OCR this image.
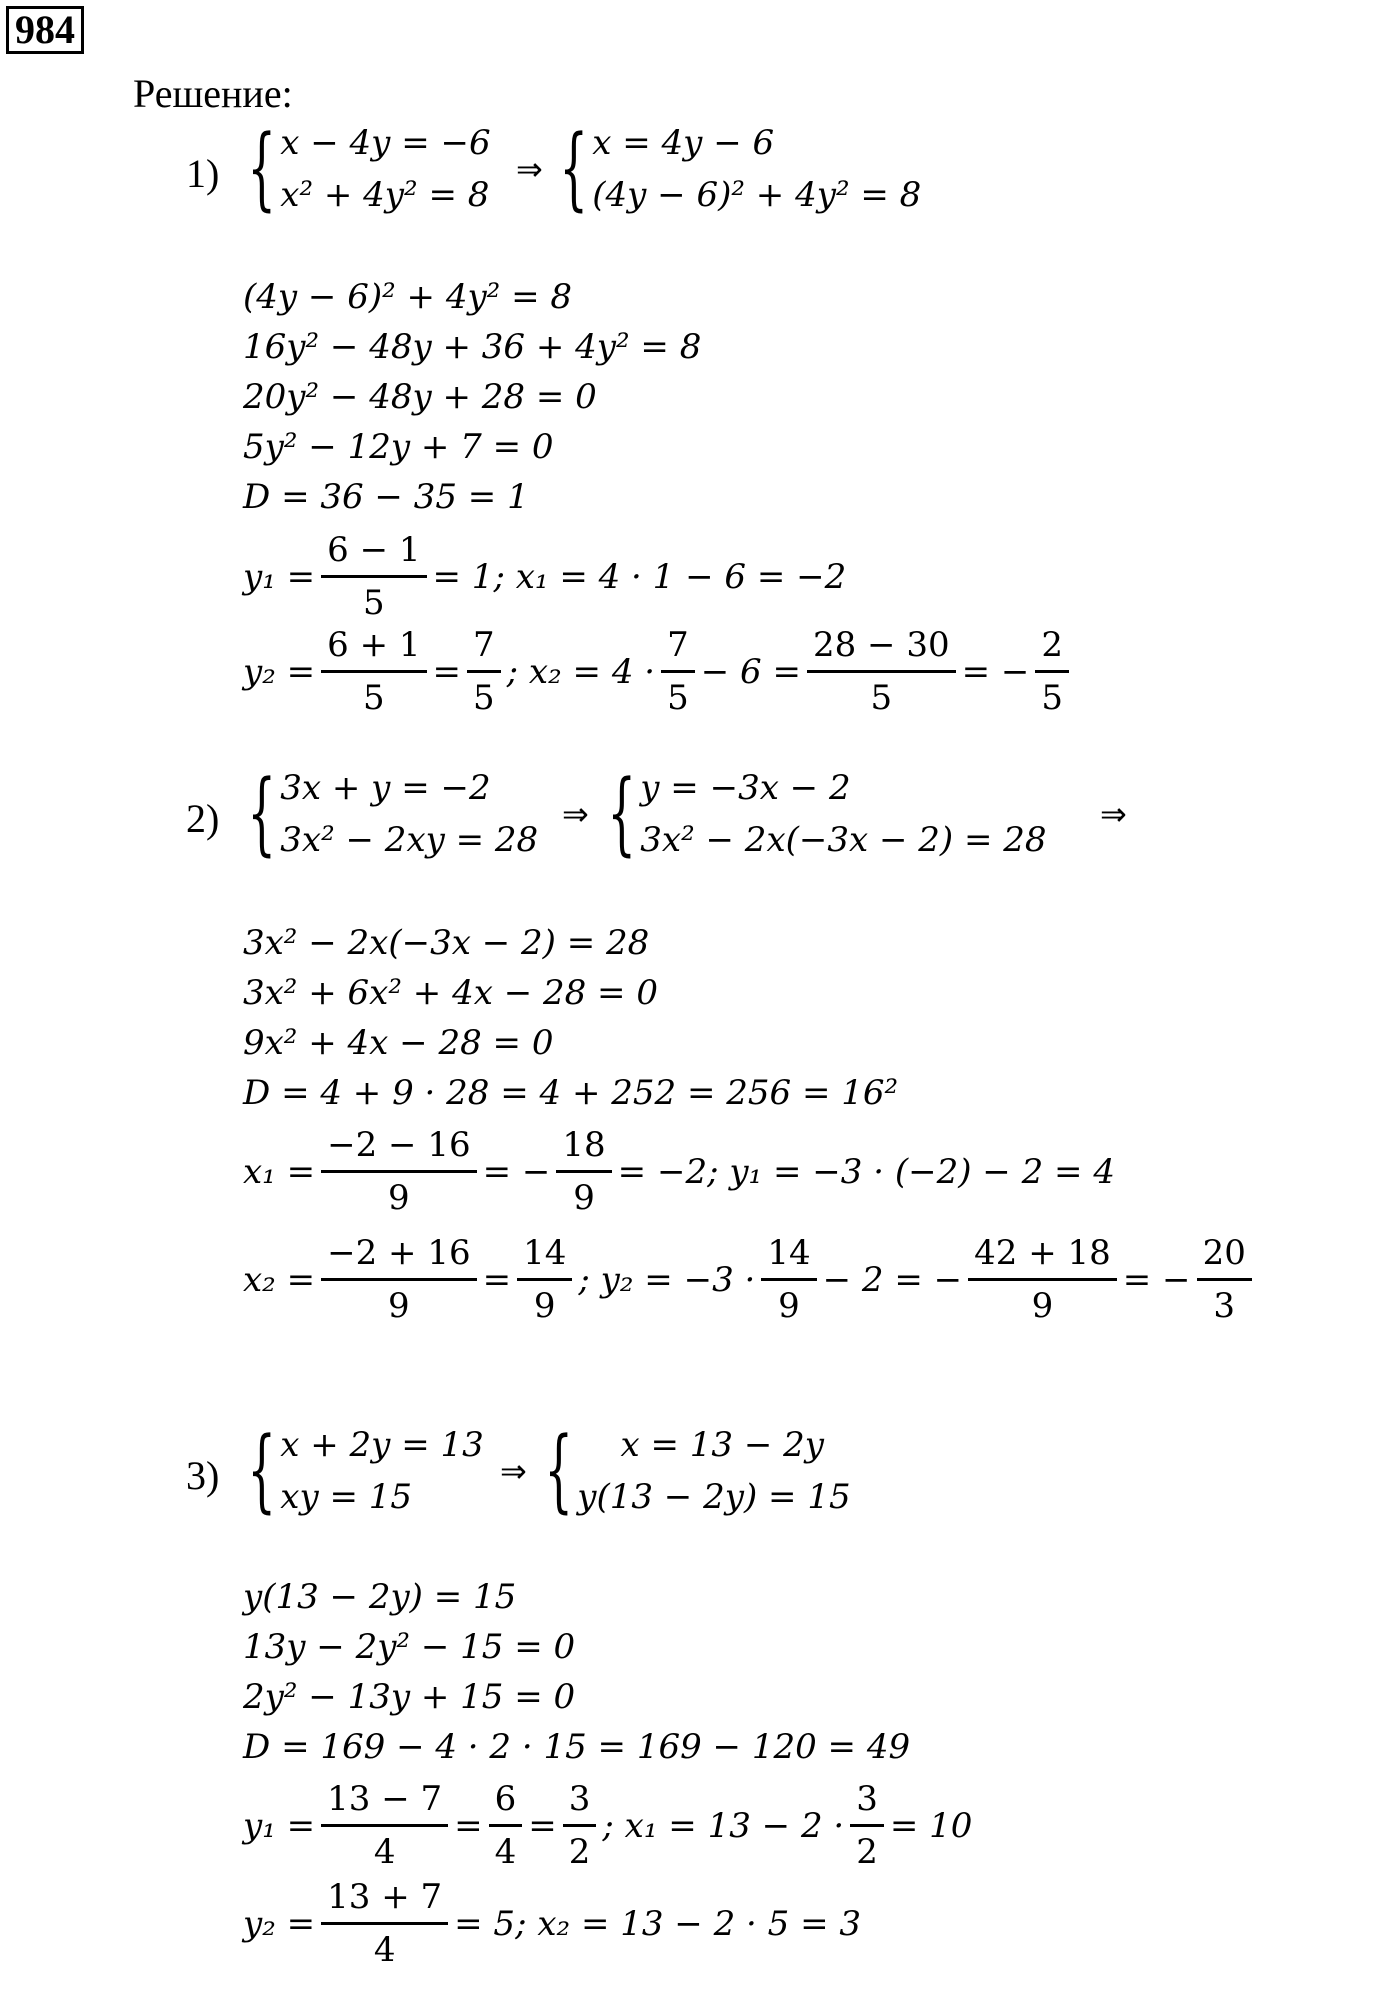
984
Решение:
1) { x − 4y = −6
x² + 4y² = 8
⇒ { x = 4y − 6
(4y − 6)² + 4y² = 8
(4y − 6)² + 4y² = 8
16y² − 48y + 36 + 4y² = 8
20y² − 48y + 28 = 0
5y² − 12y + 7 = 0
D = 36 − 35 = 1
$y_1 = \frac{6 - 1}{5} = 1$; x₁ = 4 · 1 − 6 = −2
$y_2 = \frac{6 + 1}{5} = \frac{7}{5}$ ; $x_2 = 4 \cdot \frac{7}{5} - 6 = \frac{28 - 30}{5}$ = − $\frac{2}{5}$
2) { 3x + y = −2
3x² − 2xy = 28
⇒ { y = −3x − 2
3x² − 2x(−3x − 2) = 28
⇒
3x² − 2x(−3x − 2) = 28
3x² + 6x² + 4x − 28 = 0
9x² + 4x − 28 = 0
D = 4 + 9 · 28 = 4 + 252 = 256 = 16²
$x_1 = \frac{-2 - 16}{9}$ = − $\frac{18}{9} = -2$; y₁ = −3 · (−2) − 2 = 4
$x_2 = \frac{-2 + 16}{9} = \frac{14}{9}$ ; $y_2 = -3 \cdot \frac{14}{9} - 2$ = − $\frac{42 + 18}{9}$ = − $\frac{20}{3}$
3) { x + 2y = 13
xy = 15
⇒ { x = 13 − 2y
y(13 − 2y) = 15
y(13 − 2y) = 15
13y − 2y² − 15 = 0
2y² − 13y + 15 = 0
D = 169 − 4 · 2 · 15 = 169 − 120 = 49
$y_1 = \frac{13 - 7}{4} = \frac{6}{4} = \frac{3}{2}$ ; $x_1 = 13 - 2 \cdot \frac{3}{2} = 10$
$y_2 = \frac{13 + 7}{4} = 5$; x₂ = 13 − 2 · 5 = 3
